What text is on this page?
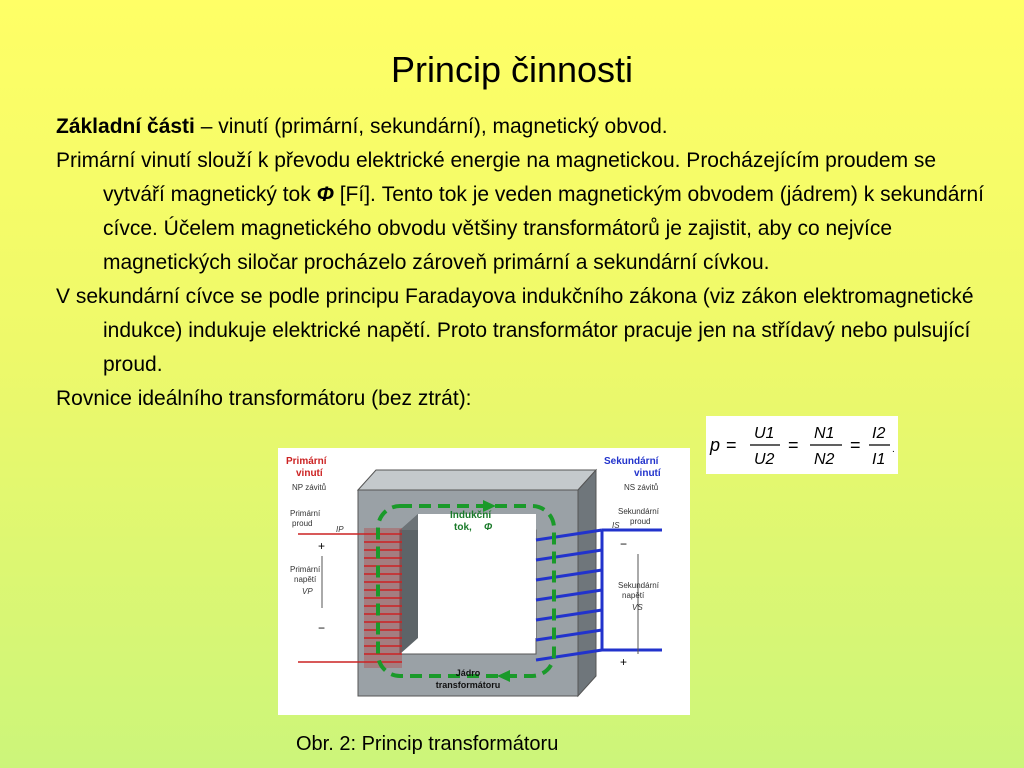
Princip činnosti

Základní části – vinutí (primární, sekundární), magnetický obvod.

Primární vinutí slouží k převodu elektrické energie na magnetickou. Procházejícím proudem se vytváří magnetický tok Φ [Fí]. Tento tok je veden magnetickým obvodem (jádrem) k sekundární cívce. Účelem magnetického obvodu většiny transformátorů je zajistit, aby co nejvíce magnetických siločar procházelo zároveň primární a sekundární cívkou.

V sekundární cívce se podle principu Faradayova indukčního zákona (viz zákon elektromagnetické indukce) indukuje elektrické napětí. Proto transformátor pracuje jen na střídavý nebo pulsující proud.

Rovnice ideálního transformátoru (bez ztrát):

p =
U1
U2
=
N1
N2
=
I2
I1
.
Indukční
tok, Φ
Jádro
transformátoru
Primární
vinutí
NP závitů
Primární
proud
IP
+
Primární
napětí
VP
−
Sekundární
vinutí
NS závitů
Sekundární
proud
IS
−
Sekundární
napětí
VS
+
Obr. 2: Princip transformátoru
